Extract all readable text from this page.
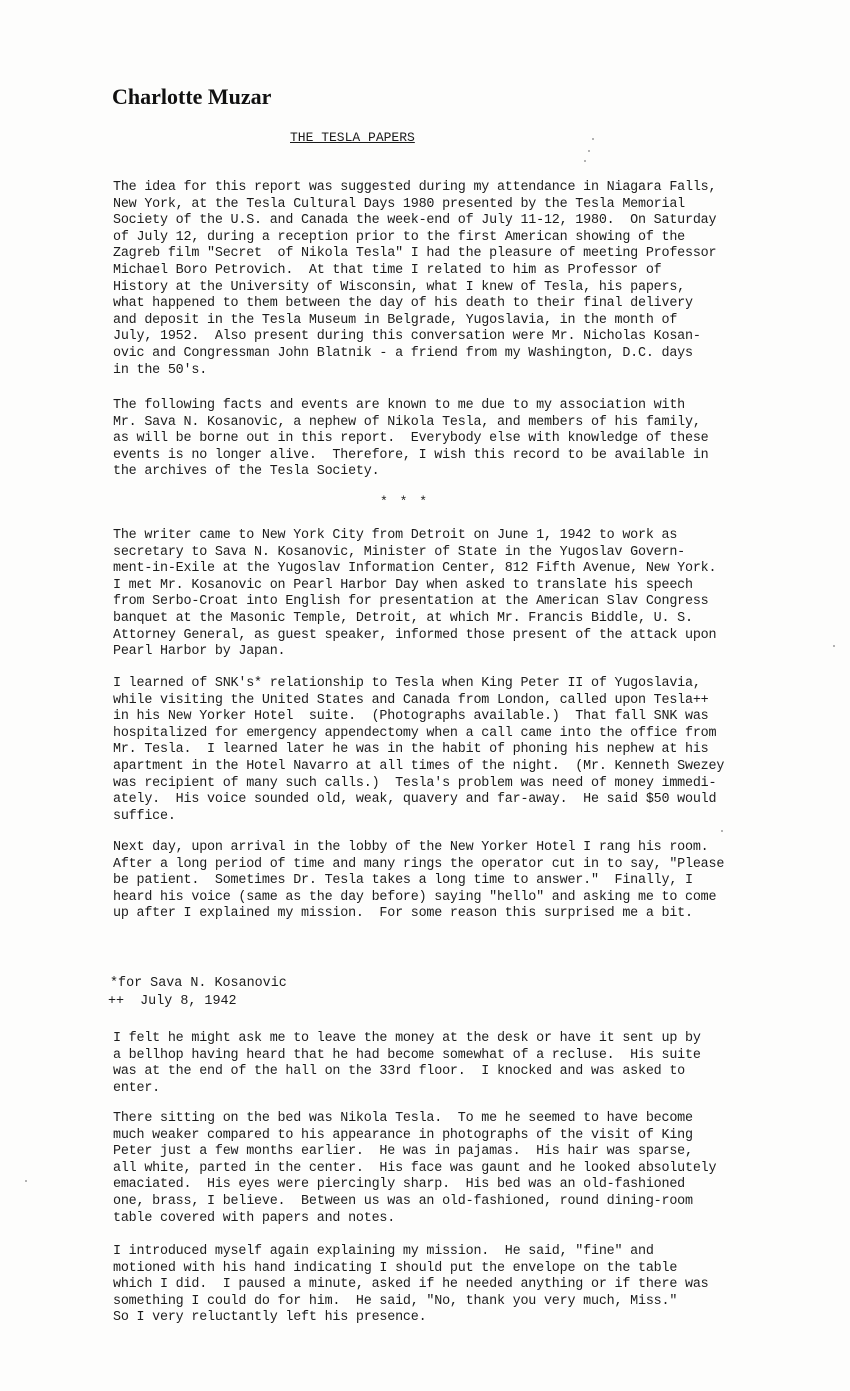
Charlotte Muzar
THE TESLA PAPERS

The idea for this report was suggested during my attendance in Niagara Falls,
New York, at the Tesla Cultural Days 1980 presented by the Tesla Memorial
Society of the U.S. and Canada the week-end of July 11-12, 1980.  On Saturday
of July 12, during a reception prior to the first American showing of the
Zagreb film "Secret  of Nikola Tesla" I had the pleasure of meeting Professor
Michael Boro Petrovich.  At that time I related to him as Professor of
History at the University of Wisconsin, what I knew of Tesla, his papers,
what happened to them between the day of his death to their final delivery
and deposit in the Tesla Museum in Belgrade, Yugoslavia, in the month of
July, 1952.  Also present during this conversation were Mr. Nicholas Kosan-
ovic and Congressman John Blatnik - a friend from my Washington, D.C. days
in the 50's.

The following facts and events are known to me due to my association with
Mr. Sava N. Kosanovic, a nephew of Nikola Tesla, and members of his family,
as will be borne out in this report.  Everybody else with knowledge of these
events is no longer alive.  Therefore, I wish this record to be available in
the archives of the Tesla Society.

* * *

The writer came to New York City from Detroit on June 1, 1942 to work as
secretary to Sava N. Kosanovic, Minister of State in the Yugoslav Govern-
ment-in-Exile at the Yugoslav Information Center, 812 Fifth Avenue, New York.
I met Mr. Kosanovic on Pearl Harbor Day when asked to translate his speech
from Serbo-Croat into English for presentation at the American Slav Congress
banquet at the Masonic Temple, Detroit, at which Mr. Francis Biddle, U. S.
Attorney General, as guest speaker, informed those present of the attack upon
Pearl Harbor by Japan.

I learned of SNK's* relationship to Tesla when King Peter II of Yugoslavia,
while visiting the United States and Canada from London, called upon Tesla++
in his New Yorker Hotel  suite.  (Photographs available.)  That fall SNK was
hospitalized for emergency appendectomy when a call came into the office from
Mr. Tesla.  I learned later he was in the habit of phoning his nephew at his
apartment in the Hotel Navarro at all times of the night.  (Mr. Kenneth Swezey
was recipient of many such calls.)  Tesla's problem was need of money immedi-
ately.  His voice sounded old, weak, quavery and far-away.  He said $50 would
suffice.

Next day, upon arrival in the lobby of the New Yorker Hotel I rang his room.
After a long period of time and many rings the operator cut in to say, "Please
be patient.  Sometimes Dr. Tesla takes a long time to answer."  Finally, I
heard his voice (same as the day before) saying "hello" and asking me to come
up after I explained my mission.  For some reason this surprised me a bit.

*for Sava N. Kosanovic

++  July 8, 1942

I felt he might ask me to leave the money at the desk or have it sent up by
a bellhop having heard that he had become somewhat of a recluse.  His suite
was at the end of the hall on the 33rd floor.  I knocked and was asked to
enter.

There sitting on the bed was Nikola Tesla.  To me he seemed to have become
much weaker compared to his appearance in photographs of the visit of King
Peter just a few months earlier.  He was in pajamas.  His hair was sparse,
all white, parted in the center.  His face was gaunt and he looked absolutely
emaciated.  His eyes were piercingly sharp.  His bed was an old-fashioned
one, brass, I believe.  Between us was an old-fashioned, round dining-room
table covered with papers and notes.

I introduced myself again explaining my mission.  He said, "fine" and
motioned with his hand indicating I should put the envelope on the table
which I did.  I paused a minute, asked if he needed anything or if there was
something I could do for him.  He said, "No, thank you very much, Miss."
So I very reluctantly left his presence.
